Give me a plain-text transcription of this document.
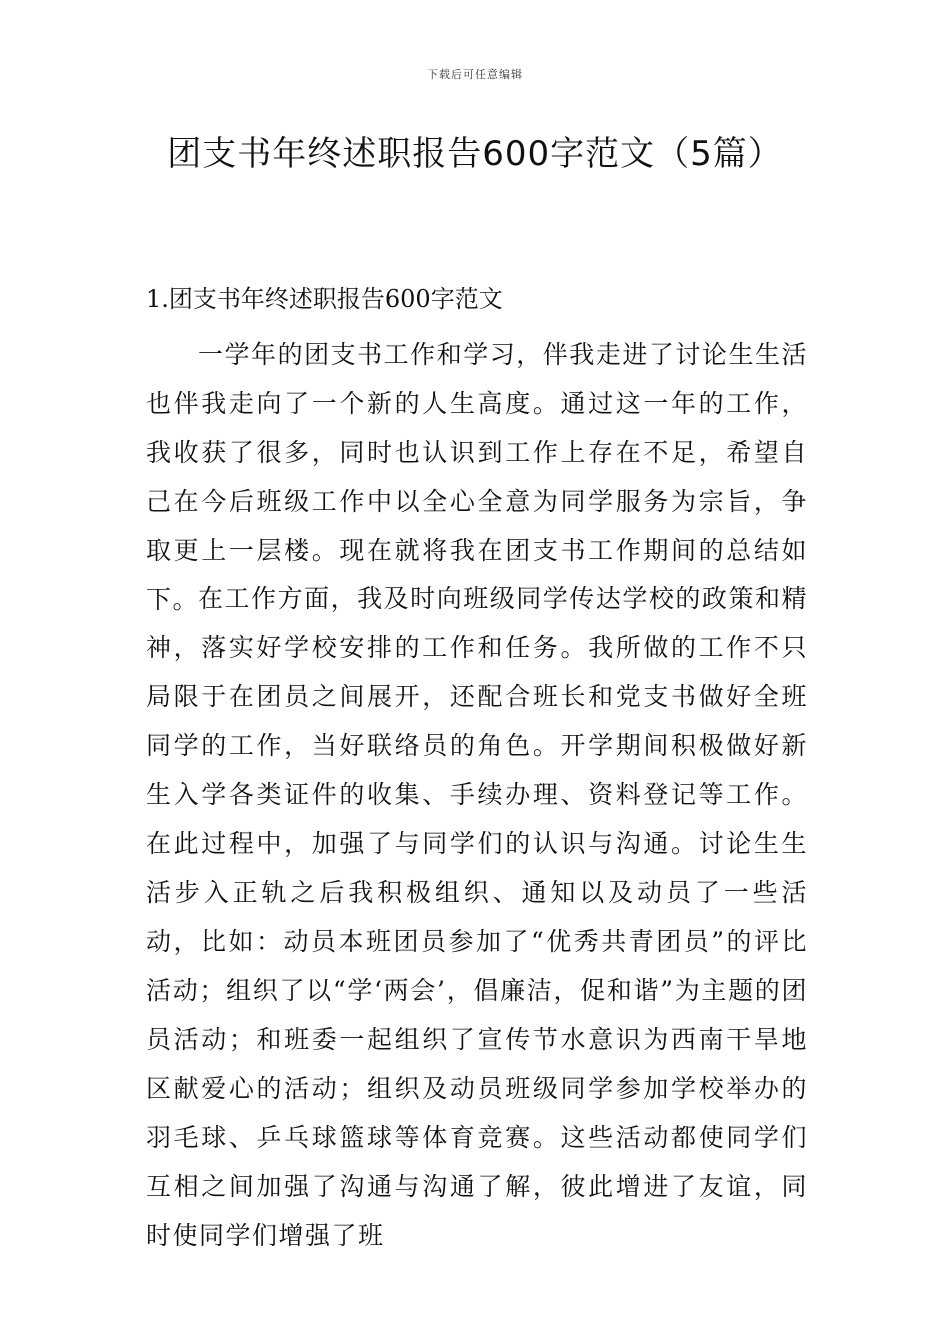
下载后可任意编辑
团支书年终述职报告600字范文（5篇）

1.团支书年终述职报告600字范文

一学年的团支书工作和学习，伴我走进了讨论生生活也伴我走向了一个新的人生高度。通过这一年的工作，我收获了很多，同时也认识到工作上存在不足，希望自己在今后班级工作中以全心全意为同学服务为宗旨，争取更上一层楼。现在就将我在团支书工作期间的总结如下。

在工作方面，我及时向班级同学传达学校的政策和精神，落实好学校安排的工作和任务。我所做的工作不只局限于在团员之间展开，还配合班长和党支书做好全班同学的工作，当好联络员的角色。开学期间积极做好新生入学各类证件的收集、手续办理、资料登记等工作。在此过程中，加强了与同学们的认识与沟通。讨论生生活步入正轨之后我积极组织、通知以及动员了一些活动，比如：动员本班团员参加了“优秀共青团员”的评比活动；组织了以“学‘两会’，倡廉洁，促和谐”为主题的团员活动；和班委一起组织了宣传节水意识为西南干旱地区献爱心的活动；组织及动员班级同学参加学校举办的羽毛球、乒乓球篮球等体育竞赛。这些活动都使同学们互相之间加强了沟通与沟通了解，彼此增进了友谊，同时使同学们增强了班
